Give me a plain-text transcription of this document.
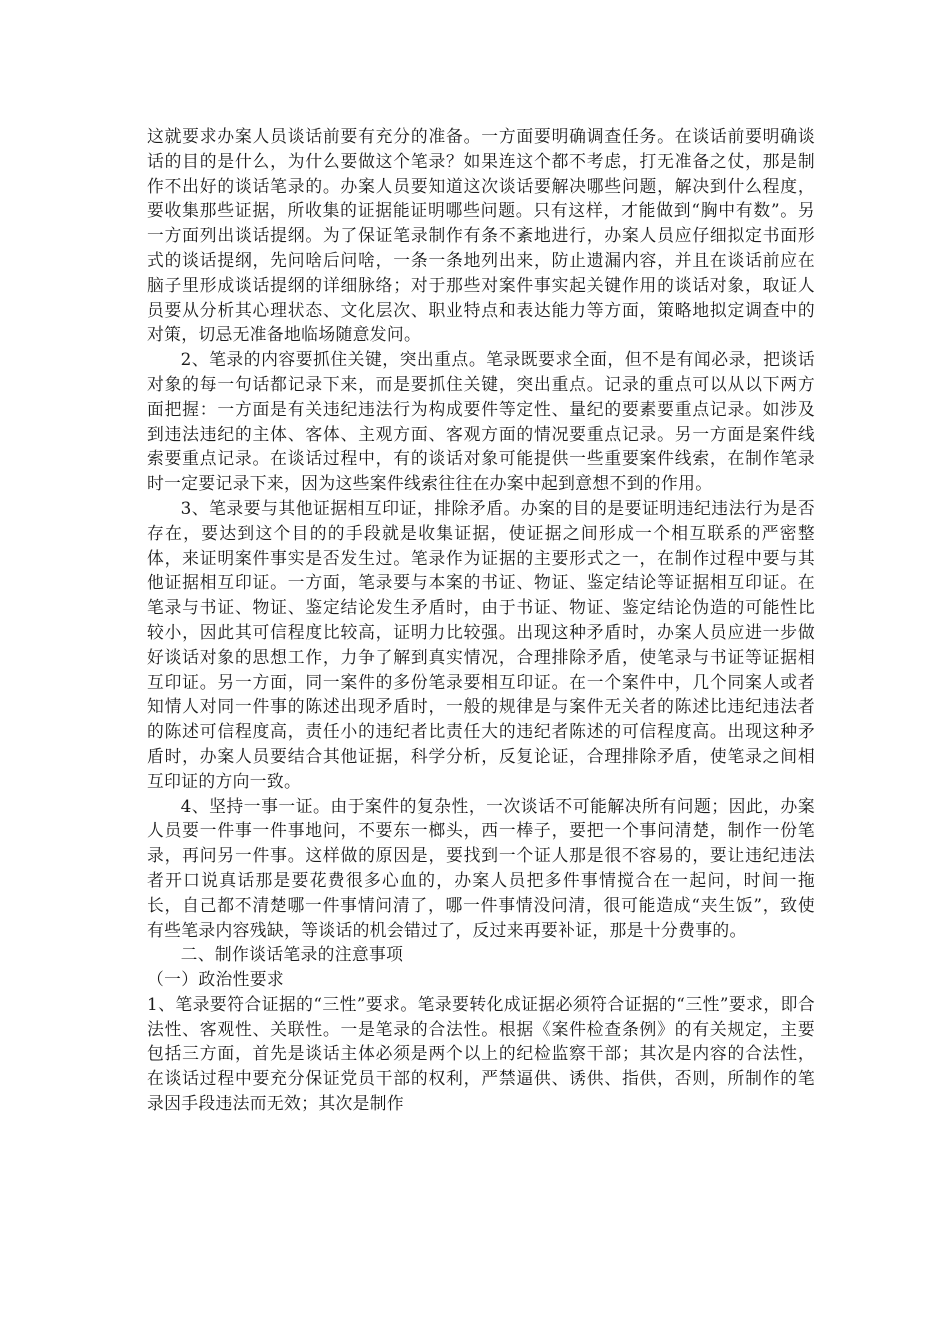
这就要求办案人员谈话前要有充分的准备。一方面要明确调查任务。在谈话前要明确谈话的目的是什么，为什么要做这个笔录？如果连这个都不考虑，打无准备之仗，那是制作不出好的谈话笔录的。办案人员要知道这次谈话要解决哪些问题，解决到什么程度，要收集那些证据，所收集的证据能证明哪些问题。只有这样，才能做到“胸中有数”。另一方面列出谈话提纲。为了保证笔录制作有条不紊地进行，办案人员应仔细拟定书面形式的谈话提纲，先问啥后问啥，一条一条地列出来，防止遗漏内容，并且在谈话前应在脑子里形成谈话提纲的详细脉络；对于那些对案件事实起关键作用的谈话对象，取证人员要从分析其心理状态、文化层次、职业特点和表达能力等方面，策略地拟定调查中的对策，切忌无准备地临场随意发问。

2、笔录的内容要抓住关键，突出重点。笔录既要求全面，但不是有闻必录，把谈话对象的每一句话都记录下来，而是要抓住关键，突出重点。记录的重点可以从以下两方面把握：一方面是有关违纪违法行为构成要件等定性、量纪的要素要重点记录。如涉及到违法违纪的主体、客体、主观方面、客观方面的情况要重点记录。另一方面是案件线索要重点记录。在谈话过程中，有的谈话对象可能提供一些重要案件线索，在制作笔录时一定要记录下来，因为这些案件线索往往在办案中起到意想不到的作用。

3、笔录要与其他证据相互印证，排除矛盾。办案的目的是要证明违纪违法行为是否存在，要达到这个目的的手段就是收集证据，使证据之间形成一个相互联系的严密整体，来证明案件事实是否发生过。笔录作为证据的主要形式之一，在制作过程中要与其他证据相互印证。一方面，笔录要与本案的书证、物证、鉴定结论等证据相互印证。在笔录与书证、物证、鉴定结论发生矛盾时，由于书证、物证、鉴定结论伪造的可能性比较小，因此其可信程度比较高，证明力比较强。出现这种矛盾时，办案人员应进一步做好谈话对象的思想工作，力争了解到真实情况，合理排除矛盾，使笔录与书证等证据相互印证。另一方面，同一案件的多份笔录要相互印证。在一个案件中，几个同案人或者知情人对同一件事的陈述出现矛盾时，一般的规律是与案件无关者的陈述比违纪违法者的陈述可信程度高，责任小的违纪者比责任大的违纪者陈述的可信程度高。出现这种矛盾时，办案人员要结合其他证据，科学分析，反复论证，合理排除矛盾，使笔录之间相互印证的方向一致。

4、坚持一事一证。由于案件的复杂性，一次谈话不可能解决所有问题；因此，办案人员要一件事一件事地问，不要东一榔头，西一棒子，要把一个事问清楚，制作一份笔录，再问另一件事。这样做的原因是，要找到一个证人那是很不容易的，要让违纪违法者开口说真话那是要花费很多心血的，办案人员把多件事情搅合在一起问，时间一拖长，自己都不清楚哪一件事情问清了，哪一件事情没问清，很可能造成“夹生饭”，致使有些笔录内容残缺，等谈话的机会错过了，反过来再要补证，那是十分费事的。

二、制作谈话笔录的注意事项

（一）政治性要求

1、笔录要符合证据的“三性”要求。笔录要转化成证据必须符合证据的“三性”要求，即合法性、客观性、关联性。一是笔录的合法性。根据《案件检查条例》的有关规定，主要包括三方面，首先是谈话主体必须是两个以上的纪检监察干部；其次是内容的合法性，在谈话过程中要充分保证党员干部的权利，严禁逼供、诱供、指供，否则，所制作的笔录因手段违法而无效；其次是制作
